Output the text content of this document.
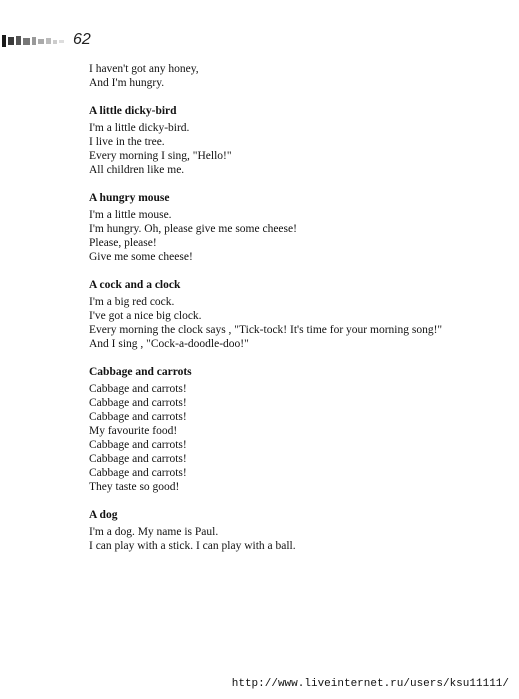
62
I haven't got any honey,
And I'm hungry.
A little dicky-bird
I'm a little dicky-bird.
I live in the tree.
Every morning I sing, "Hello!"
All children like me.
A hungry mouse
I'm a little mouse.
I'm hungry. Oh, please give me some cheese!
Please, please!
Give me some cheese!
A cock and a clock
I'm a big red cock.
I've got a nice big clock.
Every morning the clock says , "Tick-tock! It's time for your morning song!"
And I sing , "Cock-a-doodle-doo!"
Cabbage and carrots
Cabbage and carrots!
Cabbage and carrots!
Cabbage and carrots!
My favourite food!
Cabbage and carrots!
Cabbage and carrots!
Cabbage and carrots!
They taste so good!
A dog
I'm a dog. My name is Paul.
I can play with a stick. I can play with a ball.
http://www.liveinternet.ru/users/ksu11111/
